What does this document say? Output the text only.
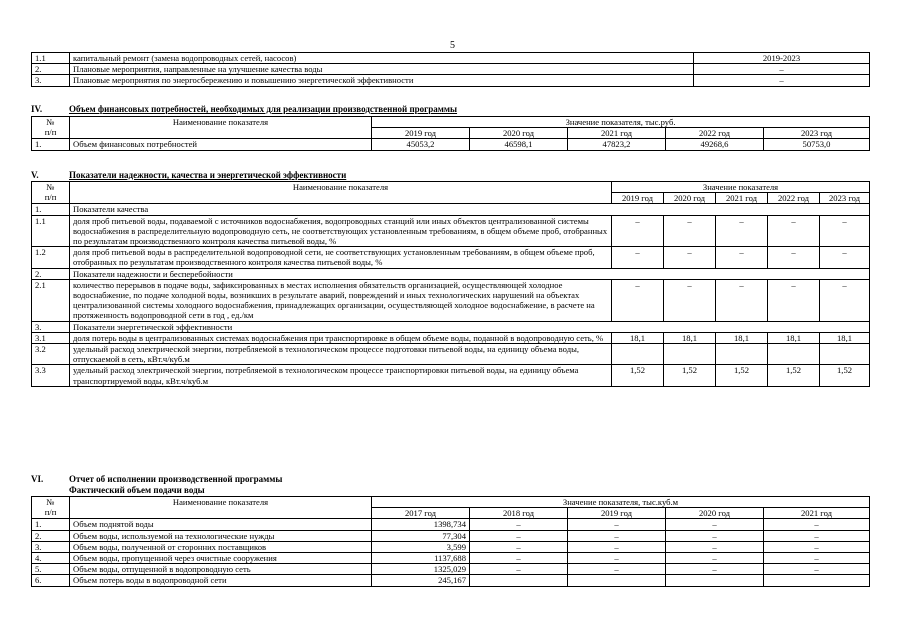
5
1.1	капитальный ремонт (замена водопроводных сетей, насосов)	2019-2023
2.	Плановые мероприятия, направленные на улучшение качества воды	–
3.	Плановые мероприятия по энергосбережению и повышению энергетической эффективности	–
IV.	Объем финансовых потребностей, необходимых для реализации производственной программы
№
п/п	Наименование показателя	Значение показателя, тыс.руб.				
		2019 год	2020 год	2021 год	2022 год	2023 год
1.	Объем финансовых потребностей	45053,2	46598,1	47823,2	49268,6	50753,0
V.	Показатели надежности, качества и энергетической эффективности
№
п/п	Наименование показателя	Значение показателя				
		2019 год	2020 год	2021 год	2022 год	2023 год
1.	Показатели качества					
1.1	доля проб питьевой воды, подаваемой с источников водоснабжения, водопроводных станций или иных объектов централизованной системы водоснабжения в распределительную водопроводную сеть, не соответствующих установленным требованиям, в общем объеме проб, отобранных по результатам производственного контроля качества питьевой воды, %	–	–	–	–	–
1.2	доля проб питьевой воды в распределительной водопроводной сети, не соответствующих установленным требованиям, в общем объеме проб, отобранных по результатам производственного контроля качества питьевой воды, %	–	–	–	–	–
2.	Показатели надежности и бесперебойности					
2.1	количество перерывов в подаче воды, зафиксированных в местах исполнения обязательств организацией, осуществляющей холодное водоснабжение, по подаче холодной воды, возникших в результате аварий, повреждений и иных технологических нарушений на объектах централизованной системы холодного водоснабжения, принадлежащих организации, осуществляющей холодное водоснабжение, в расчете на протяженность водопроводной сети в год , ед./км	–	–	–	–	–
3.	Показатели энергетической эффективности					
3.1	доля потерь воды в централизованных системах водоснабжения при транспортировке в общем объеме воды, поданной в водопроводную сеть, %	18,1	18,1	18,1	18,1	18,1
3.2	удельный расход электрической энергии, потребляемой в технологическом процессе подготовки питьевой воды, на единицу объема воды, отпускаемой в сеть, кВт.ч/куб.м					
3.3	удельный расход электрической энергии, потребляемой в технологическом процессе транспортировки питьевой воды, на единицу объема транспортируемой воды, кВт.ч/куб.м	1,52	1,52	1,52	1,52	1,52
VI.	Отчет об исполнении производственной программы
Фактический объем подачи воды
№
п/п	Наименование показателя	Значение показателя, тыс.куб.м				
		2017 год	2018 год	2019 год	2020 год	2021 год
1.	Объем поднятой воды	1398,734	–	–	–	–
2.	Объем воды, используемой на технологические нужды	77,304	–	–	–	–
3.	Объем воды, полученной от сторонних поставщиков	3,599	–	–	–	–
4.	Объем воды, пропущенной через очистные сооружения	1137,688	–	–	–	–
5.	Объем воды, отпущенной в водопроводную сеть	1325,029	–	–	–	–
6.	Объем потерь воды в водопроводной сети	245,167				
